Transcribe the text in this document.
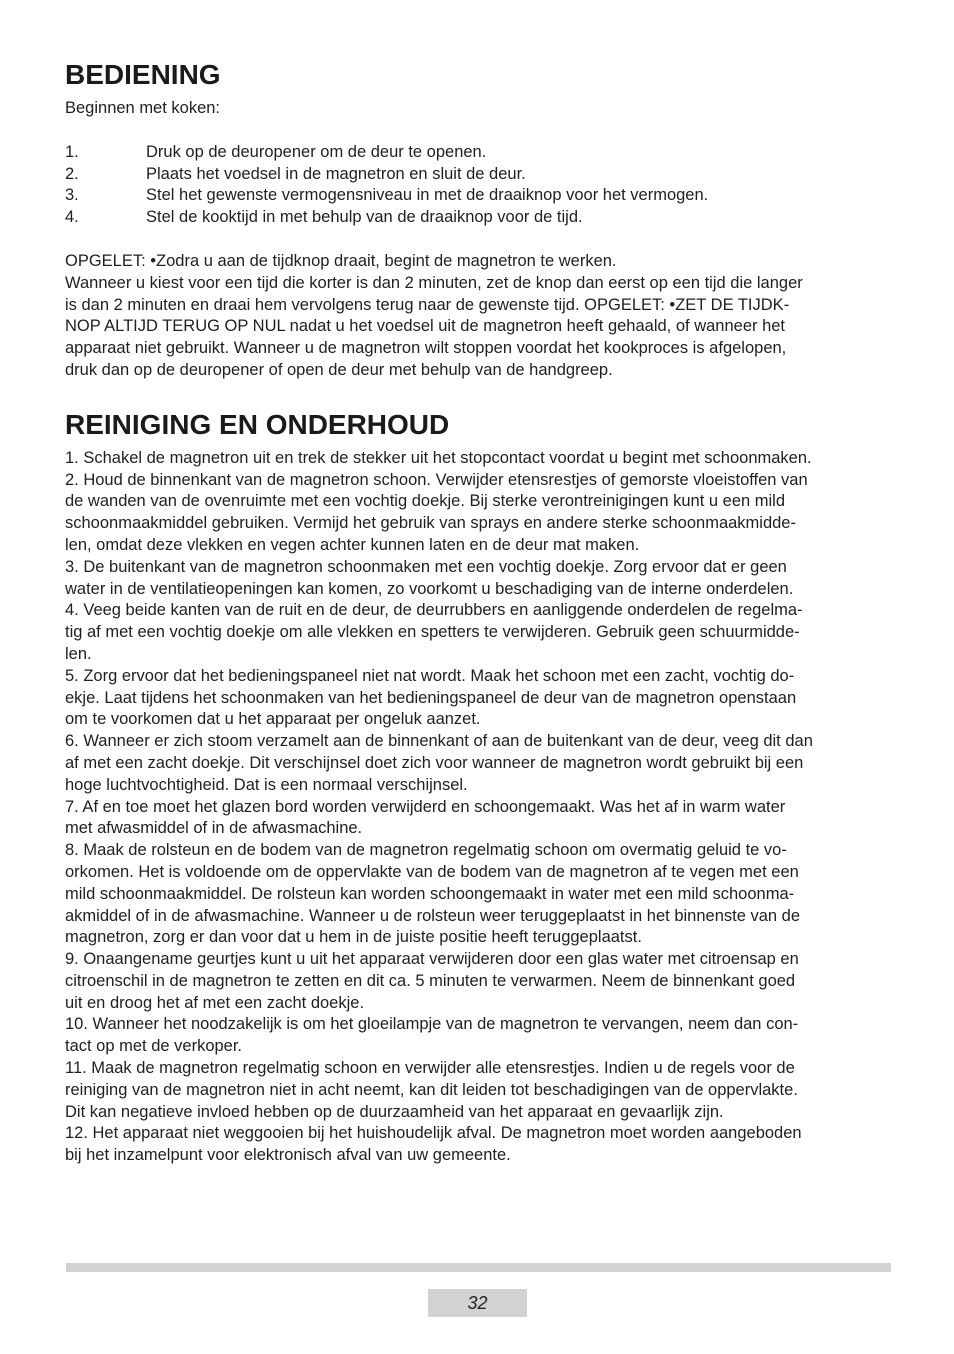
BEDIENING

Beginnen met koken:

1.	Druk op de deuropener om de deur te openen.
2.	Plaats het voedsel in de magnetron en sluit de deur.
3.	Stel het gewenste vermogensniveau in met de draaiknop voor het vermogen.
4.	Stel de kooktijd in met behulp van de draaiknop voor de tijd.
OPGELET: •Zodra u aan de tijdknop draait, begint de magnetron te werken.
Wanneer u kiest voor een tijd die korter is dan 2 minuten, zet de knop dan eerst op een tijd die langer
is dan 2 minuten en draai hem vervolgens terug naar de gewenste tijd. OPGELET: •ZET DE TIJDK-
NOP ALTIJD TERUG OP NUL nadat u het voedsel uit de magnetron heeft gehaald, of wanneer het
apparaat niet gebruikt. Wanneer u de magnetron wilt stoppen voordat het kookproces is afgelopen,
druk dan op de deuropener of open de deur met behulp van de handgreep.
REINIGING EN ONDERHOUD
1. Schakel de magnetron uit en trek de stekker uit het stopcontact voordat u begint met schoonmaken.
2. Houd de binnenkant van de magnetron schoon. Verwijder etensrestjes of gemorste vloeistoffen van
de wanden van de ovenruimte met een vochtig doekje. Bij sterke verontreinigingen kunt u een mild
schoonmaakmiddel gebruiken. Vermijd het gebruik van sprays en andere sterke schoonmaakmidde-
len, omdat deze vlekken en vegen achter kunnen laten en de deur mat maken.
3. De buitenkant van de magnetron schoonmaken met een vochtig doekje. Zorg ervoor dat er geen
water in de ventilatieopeningen kan komen, zo voorkomt u beschadiging van de interne onderdelen.
4. Veeg beide kanten van de ruit en de deur, de deurrubbers en aanliggende onderdelen de regelma-
tig af met een vochtig doekje om alle vlekken en spetters te verwijderen. Gebruik geen schuurmidde-
len.
5. Zorg ervoor dat het bedieningspaneel niet nat wordt. Maak het schoon met een zacht, vochtig do-
ekje. Laat tijdens het schoonmaken van het bedieningspaneel de deur van de magnetron openstaan
om te voorkomen dat u het apparaat per ongeluk aanzet.
6. Wanneer er zich stoom verzamelt aan de binnenkant of aan de buitenkant van de deur, veeg dit dan
af met een zacht doekje. Dit verschijnsel doet zich voor wanneer de magnetron wordt gebruikt bij een
hoge luchtvochtigheid. Dat is een normaal verschijnsel.
7. Af en toe moet het glazen bord worden verwijderd en schoongemaakt. Was het af in warm water
met afwasmiddel of in de afwasmachine.
8. Maak de rolsteun en de bodem van de magnetron regelmatig schoon om overmatig geluid te vo-
orkomen. Het is voldoende om de oppervlakte van de bodem van de magnetron af te vegen met een
mild schoonmaakmiddel. De rolsteun kan worden schoongemaakt in water met een mild schoonma-
akmiddel of in de afwasmachine. Wanneer u de rolsteun weer teruggeplaatst in het binnenste van de
magnetron, zorg er dan voor dat u hem in de juiste positie heeft teruggeplaatst.
9. Onaangename geurtjes kunt u uit het apparaat verwijderen door een glas water met citroensap en
citroenschil in de magnetron te zetten en dit ca. 5 minuten te verwarmen. Neem de binnenkant goed
uit en droog het af met een zacht doekje.
10. Wanneer het noodzakelijk is om het gloeilampje van de magnetron te vervangen, neem dan con-
tact op met de verkoper.
11. Maak de magnetron regelmatig schoon en verwijder alle etensrestjes. Indien u de regels voor de
reiniging van de magnetron niet in acht neemt, kan dit leiden tot beschadigingen van de oppervlakte.
Dit kan negatieve invloed hebben op de duurzaamheid van het apparaat en gevaarlijk zijn.
12. Het apparaat niet weggooien bij het huishoudelijk afval. De magnetron moet worden aangeboden
bij het inzamelpunt voor elektronisch afval van uw gemeente.
32
